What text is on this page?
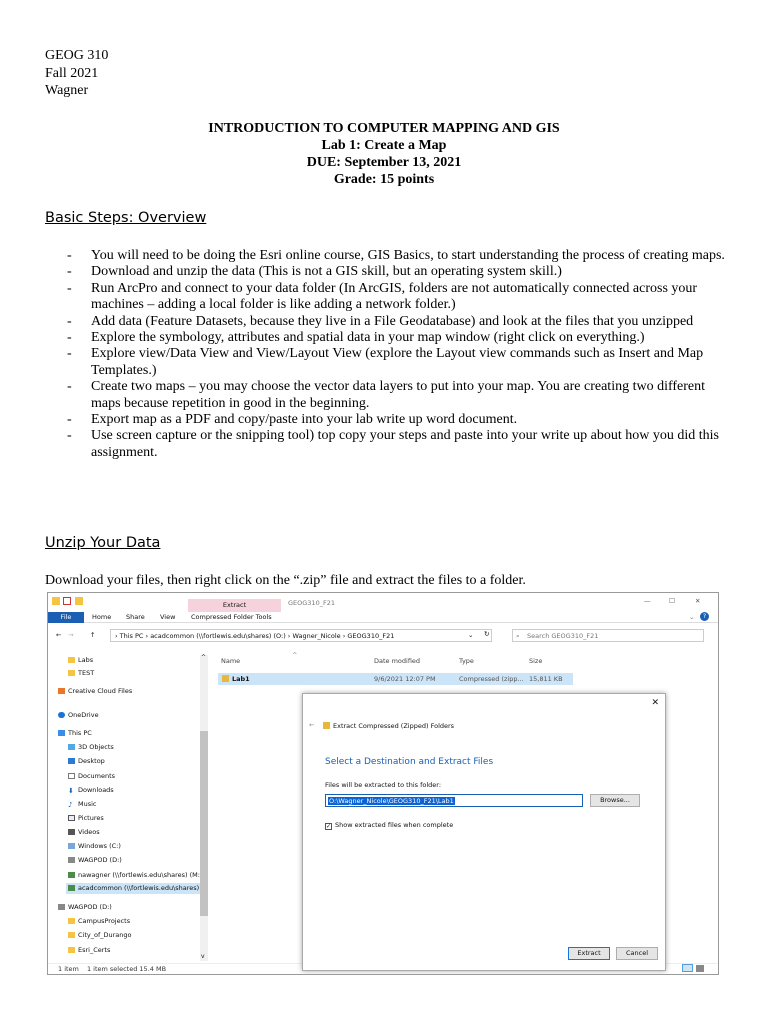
GEOG 310
Fall 2021
Wagner
INTRODUCTION TO COMPUTER MAPPING AND GIS
Lab 1: Create a Map
DUE: September 13, 2021
Grade: 15 points
Basic Steps: Overview
- You will need to be doing the Esri online course, GIS Basics, to start understanding the process of creating maps.
- Download and unzip the data (This is not a GIS skill, but an operating system skill.)
- Run ArcPro and connect to your data folder (In ArcGIS, folders are not automatically connected across your machines – adding a local folder is like adding a network folder.)
- Add data (Feature Datasets, because they live in a File Geodatabase) and look at the files that you unzipped
- Explore the symbology, attributes and spatial data in your map window (right click on everything.)
- Explore view/Data View and View/Layout View (explore the Layout view commands such as Insert and Map Templates.)
- Create two maps – you may choose the vector data layers to put into your map. You are creating two different maps because repetition in good in the beginning.
- Export map as a PDF and copy/paste into your lab write up word document.
- Use screen capture or the snipping tool) top copy your steps and paste into your write up about how you did this assignment.
Unzip Your Data
Download your files, then right click on the “.zip” file and extract the files to a folder.
Extract	GEOG310_F21	—	☐	✕
Home Share View Compressed Folder Tools	⌄	?
File
← →	↑	› This PC › acadcommon (\\fortlewis.edu\shares) (O:) › Wagner_Nicole › GEOG310_F21	⌄ ↻	⌕ Search GEOG310_F21
Labs
TEST
Creative Cloud Files
OneDrive
This PC
3D Objects
Desktop
Documents
⬇ Downloads
♪ Music
Pictures
Videos
Windows (C:)
WAGPOD (D:)
nawagner (\\fortlewis.edu\shares) (M:
acadcommon (\\fortlewis.edu\shares)
WAGPOD (D:)
CampusProjects
City_of_Durango
Esri_Certs
^
v
Name	Date modified	Type	Size
^
Lab1	9/6/2021 12:07 PM	Compressed (zipp... 15,811 KB
1 item 1 item selected 15.4 MB
✕
←	Extract Compressed (Zipped) Folders
Select a Destination and Extract Files
Files will be extracted to this folder:
O:\Wagner_Nicole\GEOG310_F21\Lab1	Browse...
✓ Show extracted files when complete
Extract	Cancel
